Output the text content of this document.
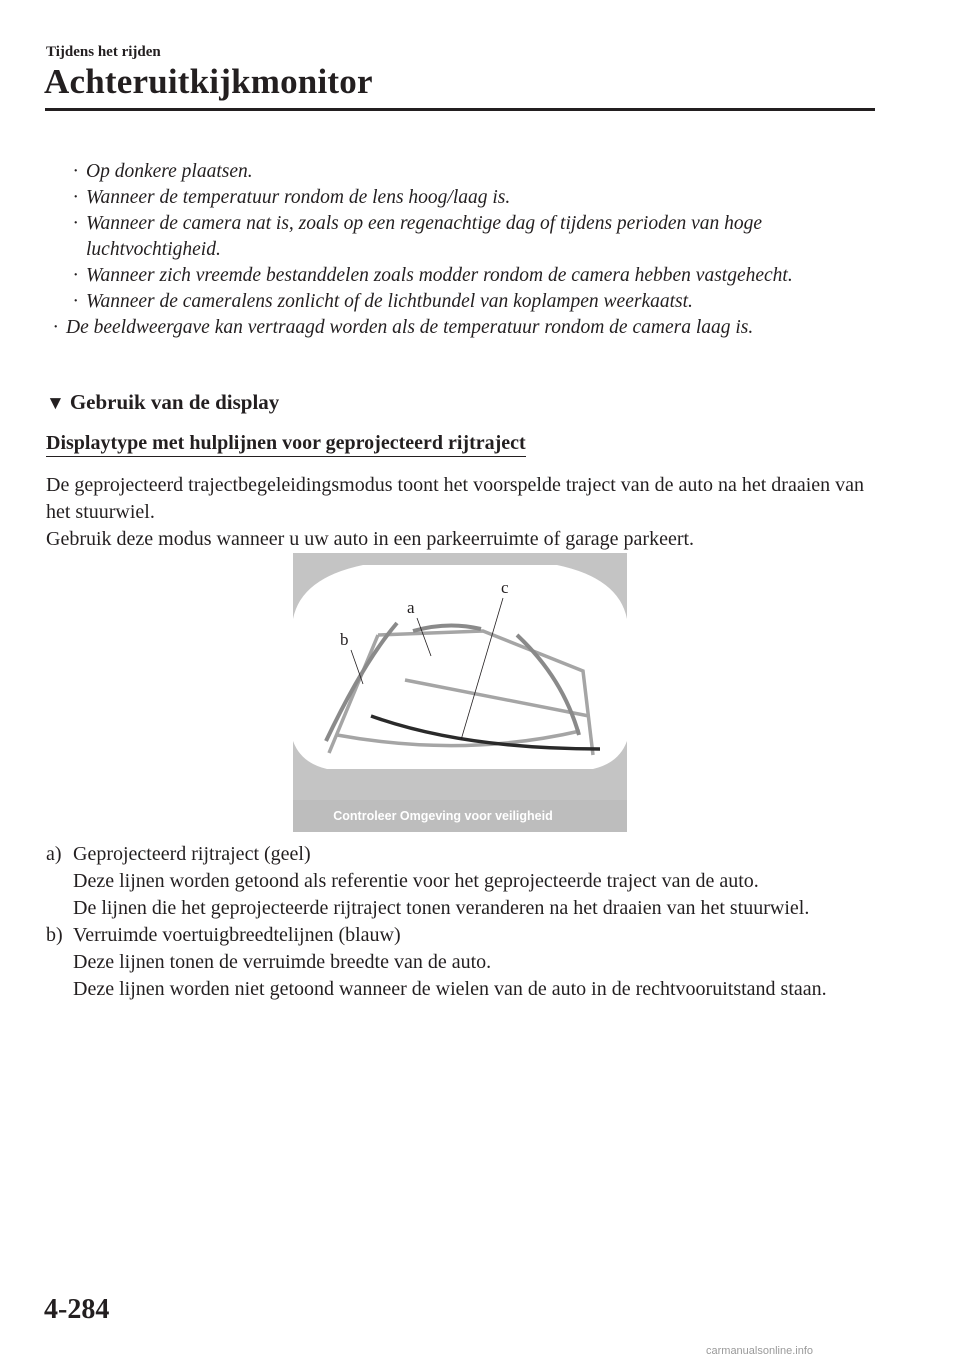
Tijdens het rijden
Achteruitkijkmonitor
· Op donkere plaatsen.
· Wanneer de temperatuur rondom de lens hoog/laag is.
· Wanneer de camera nat is, zoals op een regenachtige dag of tijdens perioden van hoge luchtvochtigheid.
· Wanneer zich vreemde bestanddelen zoals modder rondom de camera hebben vastgehecht.
· Wanneer de cameralens zonlicht of de lichtbundel van koplampen weerkaatst.
· De beeldweergave kan vertraagd worden als de temperatuur rondom de camera laag is.
▼ Gebruik van de display
Displaytype met hulplijnen voor geprojecteerd rijtraject

De geprojecteerd trajectbegeleidingsmodus toont het voorspelde traject van de auto na het draaien van het stuurwiel.

Gebruik deze modus wanneer u uw auto in een parkeerruimte of garage parkeert.

a
b
c
Controleer Omgeving voor veiligheid
a) Geprojecteerd rijtraject (geel)
Deze lijnen worden getoond als referentie voor het geprojecteerde traject van de auto.
De lijnen die het geprojecteerde rijtraject tonen veranderen na het draaien van het stuurwiel.
b) Verruimde voertuigbreedtelijnen (blauw)
Deze lijnen tonen de verruimde breedte van de auto.
Deze lijnen worden niet getoond wanneer de wielen van de auto in de rechtvooruitstand staan.
4-284
carmanualsonline.info
